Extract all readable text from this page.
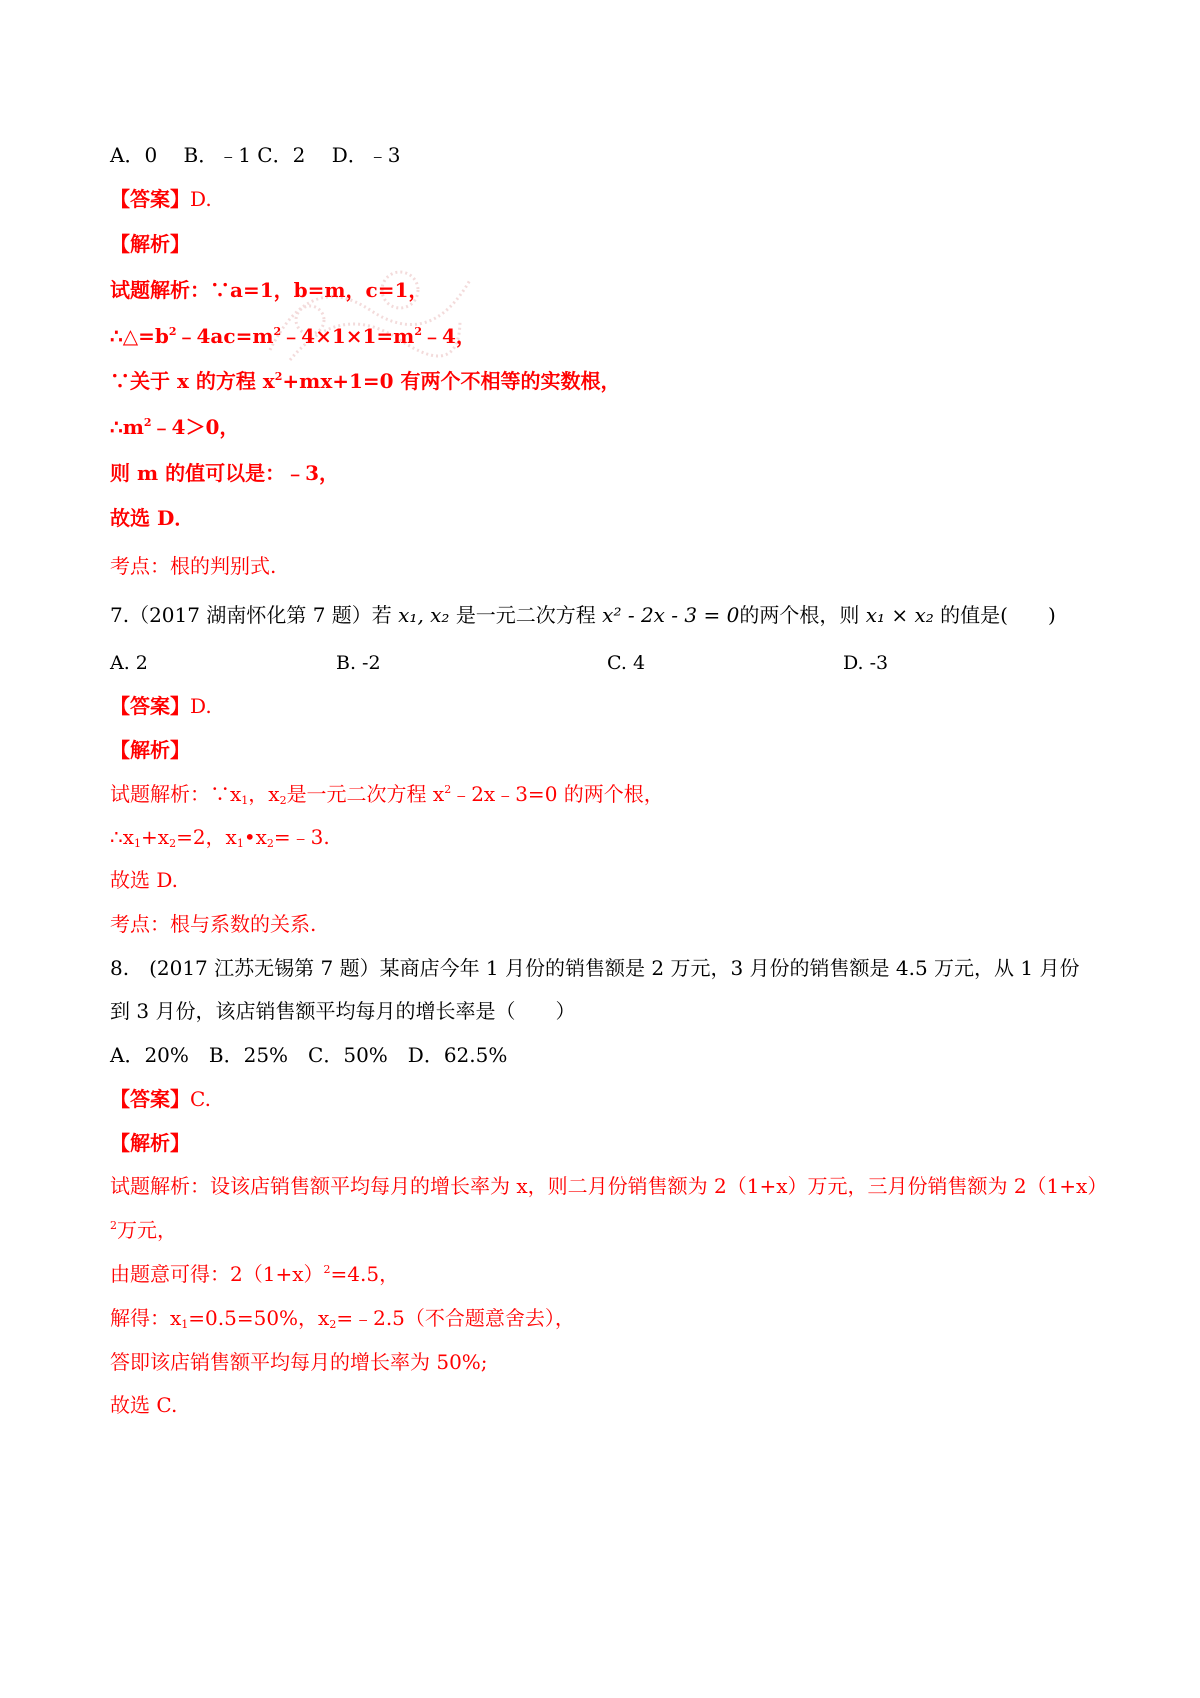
A．0　 B．﹣1 C．2　 D．﹣3
【答案】D.
【解析】
试题解析：∵a=1，b=m，c=1，
$\therefore\triangle=b^2﹣4ac=m^2﹣4\times 1\times 1=m^2﹣4$，
∵关于 x 的方程 $x^2+mx+1=0$ 有两个不相等的实数根，
$\therefore m^2﹣4>0$，
则 m 的值可以是：﹣3，
故选 D．
考点：根的判别式.
7.（2017 湖南怀化第 7 题）若 x₁, x₂ 是一元二次方程 x² - 2x - 3 = 0的两个根，则 x₁ × x₂ 的值是(　　)
A. 2	B. -2	C. 4	D. -3
【答案】D.
【解析】
试题解析：$\because x_1$，$x_2$是一元二次方程 $x^2﹣2x﹣3=0$ 的两个根，
$\therefore x_1+x_2=2$，$x_1•x_2=﹣3$.
故选 D.
考点：根与系数的关系.
8.　(2017 江苏无锡第 7 题）某商店今年 1 月份的销售额是 2 万元，3 月份的销售额是 4.5 万元，从 1 月份
到 3 月份，该店销售额平均每月的增长率是（　　）
A．20%　B．25%　C．50%　D．62.5%
【答案】C.
【解析】
试题解析：设该店销售额平均每月的增长率为 x，则二月份销售额为 2（1+x）万元，三月份销售额为 2（1+x）
$^2$万元，
由题意可得：$2(1+x)^2=4.5$，
解得：$x_1=0.5=50\%$，$x_2=﹣2.5$（不合题意舍去），
答即该店销售额平均每月的增长率为 50%;
故选 C.
